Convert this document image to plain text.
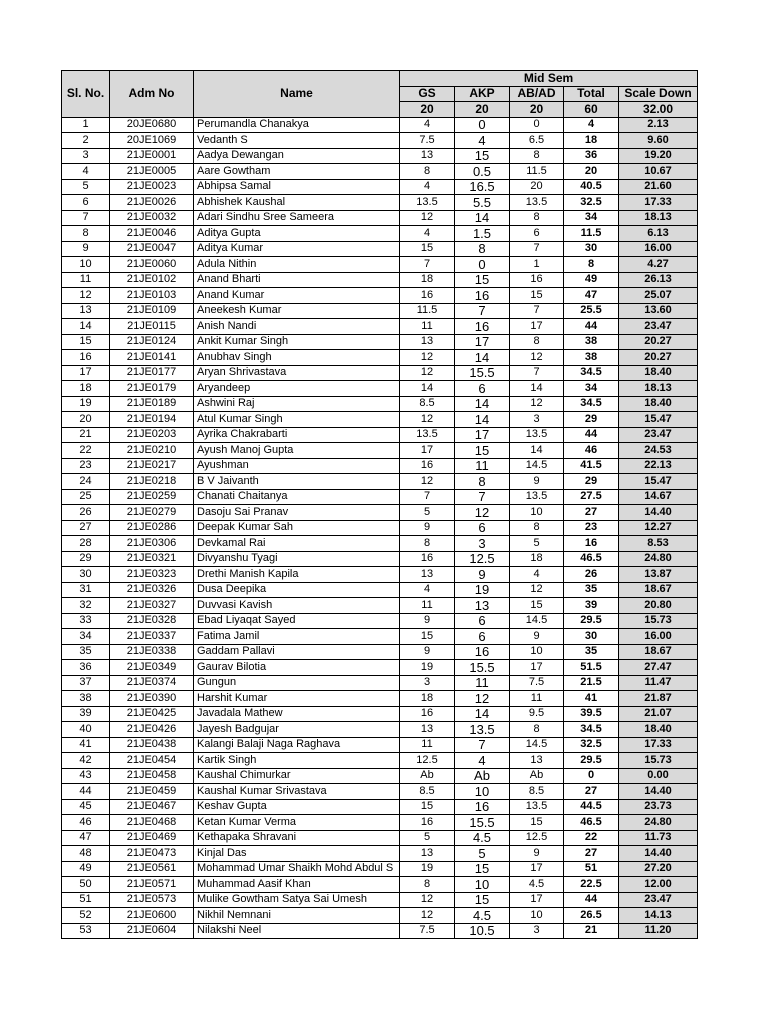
Sl. No.	Adm No	Name	Mid Sem				
			GS	AKP	AB/AD	Total	Scale Down
			20	20	20	60	32.00
1	20JE0680	Perumandla Chanakya	4	0	0	4	2.13
2	20JE1069	Vedanth S	7.5	4	6.5	18	9.60
3	21JE0001	Aadya Dewangan	13	15	8	36	19.20
4	21JE0005	Aare Gowtham	8	0.5	11.5	20	10.67
5	21JE0023	Abhipsa Samal	4	16.5	20	40.5	21.60
6	21JE0026	Abhishek Kaushal	13.5	5.5	13.5	32.5	17.33
7	21JE0032	Adari Sindhu Sree Sameera	12	14	8	34	18.13
8	21JE0046	Aditya Gupta	4	1.5	6	11.5	6.13
9	21JE0047	Aditya Kumar	15	8	7	30	16.00
10	21JE0060	Adula Nithin	7	0	1	8	4.27
11	21JE0102	Anand Bharti	18	15	16	49	26.13
12	21JE0103	Anand Kumar	16	16	15	47	25.07
13	21JE0109	Aneekesh Kumar	11.5	7	7	25.5	13.60
14	21JE0115	Anish Nandi	11	16	17	44	23.47
15	21JE0124	Ankit Kumar Singh	13	17	8	38	20.27
16	21JE0141	Anubhav Singh	12	14	12	38	20.27
17	21JE0177	Aryan Shrivastava	12	15.5	7	34.5	18.40
18	21JE0179	Aryandeep	14	6	14	34	18.13
19	21JE0189	Ashwini Raj	8.5	14	12	34.5	18.40
20	21JE0194	Atul Kumar Singh	12	14	3	29	15.47
21	21JE0203	Ayrika Chakrabarti	13.5	17	13.5	44	23.47
22	21JE0210	Ayush Manoj Gupta	17	15	14	46	24.53
23	21JE0217	Ayushman	16	11	14.5	41.5	22.13
24	21JE0218	B V Jaivanth	12	8	9	29	15.47
25	21JE0259	Chanati Chaitanya	7	7	13.5	27.5	14.67
26	21JE0279	Dasoju Sai Pranav	5	12	10	27	14.40
27	21JE0286	Deepak Kumar Sah	9	6	8	23	12.27
28	21JE0306	Devkamal Rai	8	3	5	16	8.53
29	21JE0321	Divyanshu Tyagi	16	12.5	18	46.5	24.80
30	21JE0323	Drethi Manish Kapila	13	9	4	26	13.87
31	21JE0326	Dusa Deepika	4	19	12	35	18.67
32	21JE0327	Duvvasi Kavish	11	13	15	39	20.80
33	21JE0328	Ebad Liyaqat Sayed	9	6	14.5	29.5	15.73
34	21JE0337	Fatima Jamil	15	6	9	30	16.00
35	21JE0338	Gaddam Pallavi	9	16	10	35	18.67
36	21JE0349	Gaurav Bilotia	19	15.5	17	51.5	27.47
37	21JE0374	Gungun	3	11	7.5	21.5	11.47
38	21JE0390	Harshit Kumar	18	12	11	41	21.87
39	21JE0425	Javadala Mathew	16	14	9.5	39.5	21.07
40	21JE0426	Jayesh Badgujar	13	13.5	8	34.5	18.40
41	21JE0438	Kalangi Balaji Naga Raghava	11	7	14.5	32.5	17.33
42	21JE0454	Kartik Singh	12.5	4	13	29.5	15.73
43	21JE0458	Kaushal Chimurkar	Ab	Ab	Ab	0	0.00
44	21JE0459	Kaushal Kumar Srivastava	8.5	10	8.5	27	14.40
45	21JE0467	Keshav Gupta	15	16	13.5	44.5	23.73
46	21JE0468	Ketan Kumar Verma	16	15.5	15	46.5	24.80
47	21JE0469	Kethapaka Shravani	5	4.5	12.5	22	11.73
48	21JE0473	Kinjal Das	13	5	9	27	14.40
49	21JE0561	Mohammad Umar Shaikh Mohd Abdul S	19	15	17	51	27.20
50	21JE0571	Muhammad Aasif Khan	8	10	4.5	22.5	12.00
51	21JE0573	Mulike Gowtham Satya Sai Umesh	12	15	17	44	23.47
52	21JE0600	Nikhil Nemnani	12	4.5	10	26.5	14.13
53	21JE0604	Nilakshi Neel	7.5	10.5	3	21	11.20
